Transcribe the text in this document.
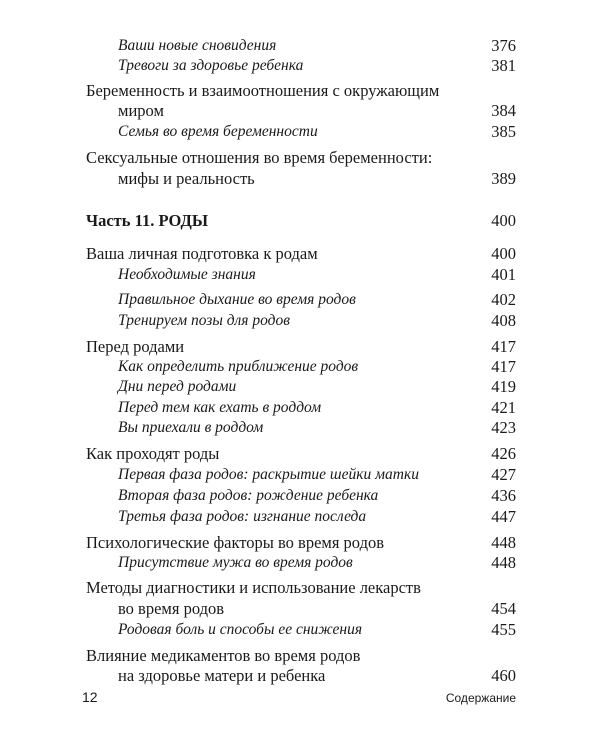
Ваши новые сновидения	376
Тревоги за здоровье ребенка	381
Беременность и взаимоотношения с окружающим
миром	384
Семья во время беременности	385
Сексуальные отношения во время беременности:
мифы и реальность	389
Часть 11. РОДЫ	400
Ваша личная подготовка к родам	400
Необходимые знания	401
Правильное дыхание во время родов	402
Тренируем позы для родов	408
Перед родами	417
Как определить приближение родов	417
Дни перед родами	419
Перед тем как ехать в роддом	421
Вы приехали в роддом	423
Как проходят роды	426
Первая фаза родов: раскрытие шейки матки	427
Вторая фаза родов: рождение ребенка	436
Третья фаза родов: изгнание последа	447
Психологические факторы во время родов	448
Присутствие мужа во время родов	448
Методы диагностики и использование лекарств
во время родов	454
Родовая боль и способы ее снижения	455
Влияние медикаментов во время родов
на здоровье матери и ребенка	460
12	Содержание
